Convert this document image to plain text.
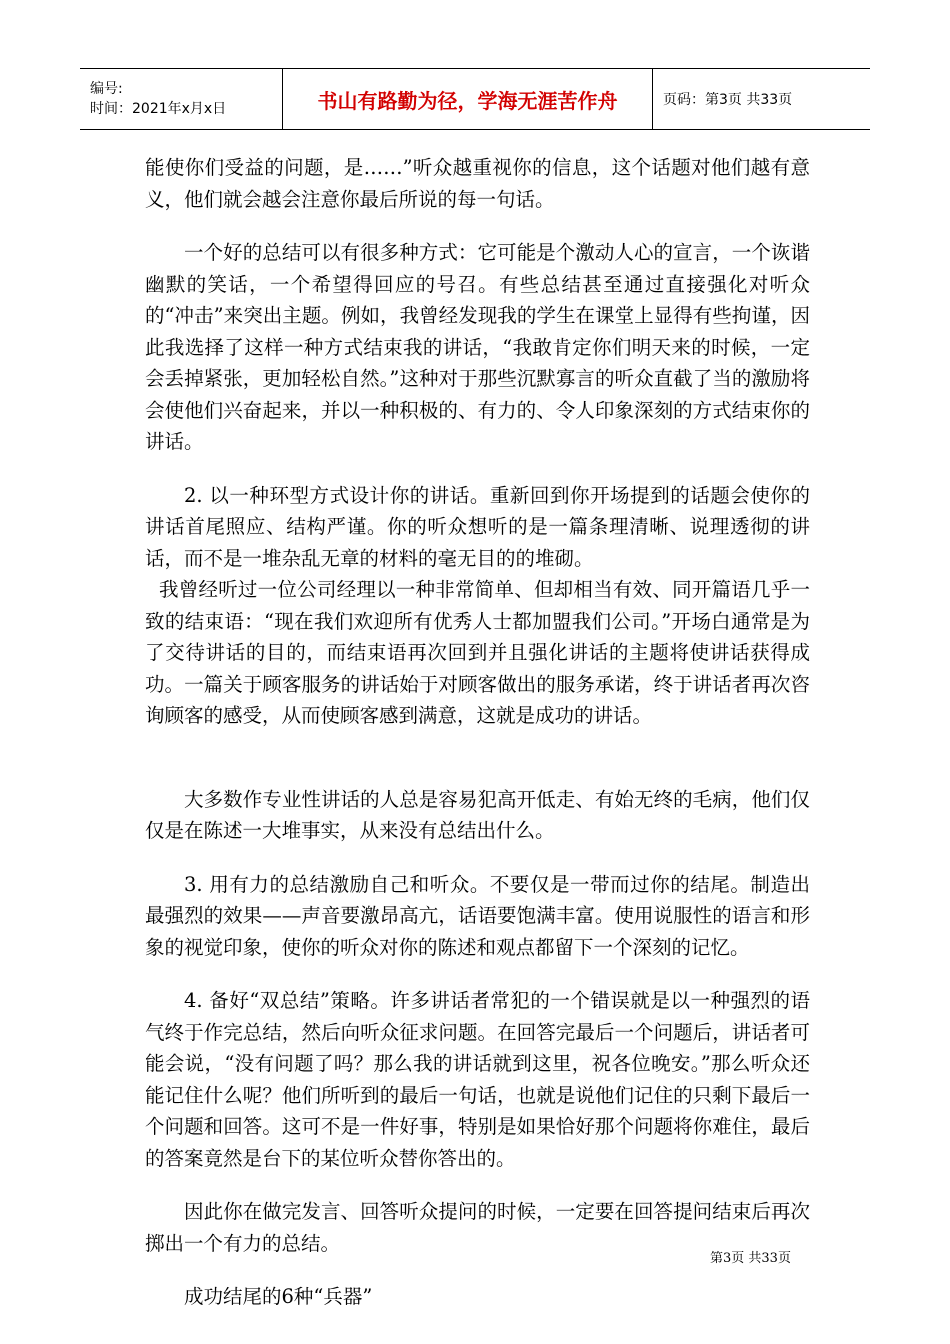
编号:
时间：2021年x月x日	书山有路勤为径，学海无涯苦作舟	页码：第3页 共33页

能使你们受益的问题，是……”听众越重视你的信息，这个话题对他们越有意义，他们就会越会注意你最后所说的每一句话。

一个好的总结可以有很多种方式：它可能是个激动人心的宣言，一个诙谐幽默的笑话，一个希望得回应的号召。有些总结甚至通过直接强化对听众的“冲击”来突出主题。例如，我曾经发现我的学生在课堂上显得有些拘谨，因此我选择了这样一种方式结束我的讲话，“我敢肯定你们明天来的时候，一定会丢掉紧张，更加轻松自然。”这种对于那些沉默寡言的听众直截了当的激励将会使他们兴奋起来，并以一种积极的、有力的、令人印象深刻的方式结束你的讲话。

2. 以一种环型方式设计你的讲话。重新回到你开场提到的话题会使你的讲话首尾照应、结构严谨。你的听众想听的是一篇条理清晰、说理透彻的讲话，而不是一堆杂乱无章的材料的毫无目的的堆砌。

我曾经听过一位公司经理以一种非常简单、但却相当有效、同开篇语几乎一致的结束语：“现在我们欢迎所有优秀人士都加盟我们公司。”开场白通常是为了交待讲话的目的，而结束语再次回到并且强化讲话的主题将使讲话获得成功。一篇关于顾客服务的讲话始于对顾客做出的服务承诺，终于讲话者再次咨询顾客的感受，从而使顾客感到满意，这就是成功的讲话。

大多数作专业性讲话的人总是容易犯高开低走、有始无终的毛病，他们仅仅是在陈述一大堆事实，从来没有总结出什么。

3. 用有力的总结激励自己和听众。不要仅是一带而过你的结尾。制造出最强烈的效果——声音要激昂高亢，话语要饱满丰富。使用说服性的语言和形象的视觉印象，使你的听众对你的陈述和观点都留下一个深刻的记忆。

4. 备好“双总结”策略。许多讲话者常犯的一个错误就是以一种强烈的语气终于作完总结，然后向听众征求问题。在回答完最后一个问题后，讲话者可能会说，“没有问题了吗？那么我的讲话就到这里，祝各位晚安。”那么听众还能记住什么呢？他们所听到的最后一句话，也就是说他们记住的只剩下最后一个问题和回答。这可不是一件好事，特别是如果恰好那个问题将你难住，最后的答案竟然是台下的某位听众替你答出的。

因此你在做完发言、回答听众提问的时候，一定要在回答提问结束后再次掷出一个有力的总结。

成功结尾的6种“兵器”

第3页 共33页
